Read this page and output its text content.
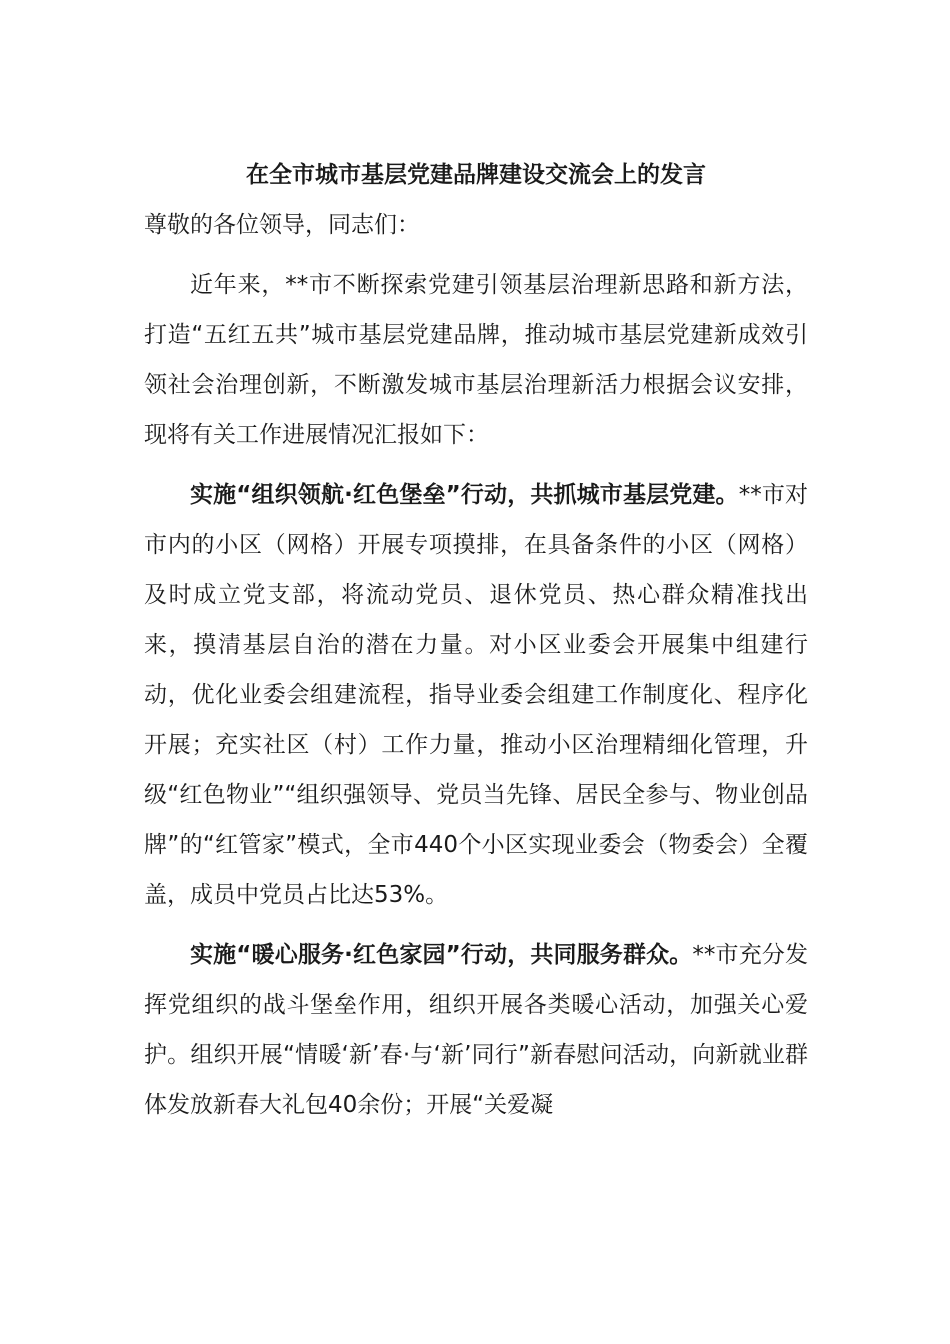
在全市城市基层党建品牌建设交流会上的发言

尊敬的各位领导，同志们：

近年来，**市不断探索党建引领基层治理新思路和新方法，打造“五红五共”城市基层党建品牌，推动城市基层党建新成效引领社会治理创新，不断激发城市基层治理新活力根据会议安排，现将有关工作进展情况汇报如下：

实施“组织领航·红色堡垒”行动，共抓城市基层党建。**市对市内的小区（网格）开展专项摸排，在具备条件的小区（网格）及时成立党支部，将流动党员、退休党员、热心群众精准找出来，摸清基层自治的潜在力量。对小区业委会开展集中组建行动，优化业委会组建流程，指导业委会组建工作制度化、程序化开展；充实社区（村）工作力量，推动小区治理精细化管理，升级“红色物业”“组织强领导、党员当先锋、居民全参与、物业创品牌”的“红管家”模式，全市440个小区实现业委会（物委会）全覆盖，成员中党员占比达53%。

实施“暖心服务·红色家园”行动，共同服务群众。**市充分发挥党组织的战斗堡垒作用，组织开展各类暖心活动，加强关心爱护。组织开展“情暖‘新’春·与‘新’同行”新春慰问活动，向新就业群体发放新春大礼包40余份；开展“关爱凝
